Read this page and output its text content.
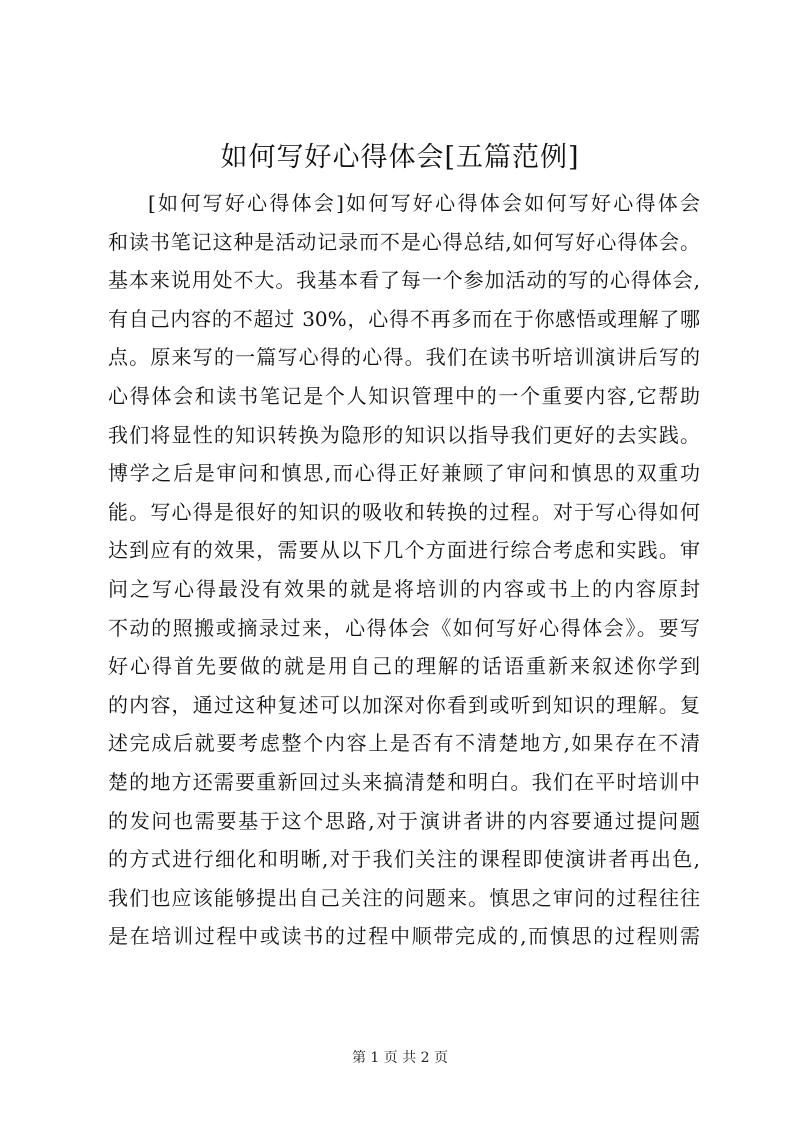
如何写好心得体会[五篇范例]
[如何写好心得体会]如何写好心得体会如何写好心得体会
和读书笔记这种是活动记录而不是心得总结,如何写好心得体会。
基本来说用处不大。我基本看了每一个参加活动的写的心得体会,
有自己内容的不超过 30%，心得不再多而在于你感悟或理解了哪
点。原来写的一篇写心得的心得。我们在读书听培训演讲后写的
心得体会和读书笔记是个人知识管理中的一个重要内容,它帮助
我们将显性的知识转换为隐形的知识以指导我们更好的去实践。
博学之后是审问和慎思,而心得正好兼顾了审问和慎思的双重功
能。写心得是很好的知识的吸收和转换的过程。对于写心得如何
达到应有的效果，需要从以下几个方面进行综合考虑和实践。审
问之写心得最没有效果的就是将培训的内容或书上的内容原封
不动的照搬或摘录过来，心得体会《如何写好心得体会》。要写
好心得首先要做的就是用自己的理解的话语重新来叙述你学到
的内容，通过这种复述可以加深对你看到或听到知识的理解。复
述完成后就要考虑整个内容上是否有不清楚地方,如果存在不清
楚的地方还需要重新回过头来搞清楚和明白。我们在平时培训中
的发问也需要基于这个思路,对于演讲者讲的内容要通过提问题
的方式进行细化和明晰,对于我们关注的课程即使演讲者再出色,
我们也应该能够提出自己关注的问题来。慎思之审问的过程往往
是在培训过程中或读书的过程中顺带完成的,而慎思的过程则需
第 1 页 共 2 页
